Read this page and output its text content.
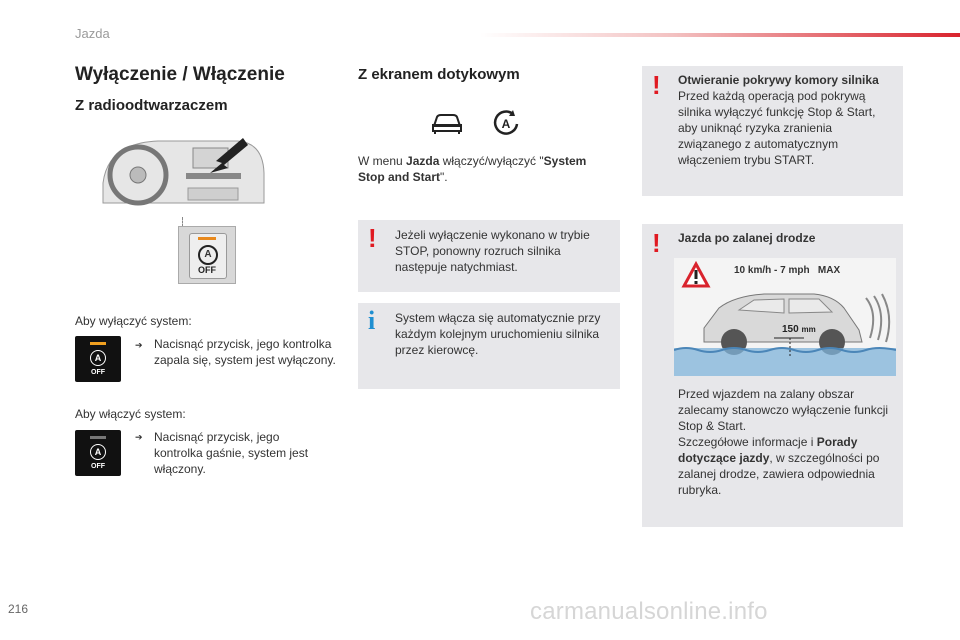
Jazda
Wyłączenie / Włączenie
Z radioodtwarzaczem
A
OFF
Aby wyłączyć system:
A
OFF
➔ Nacisnąć przycisk, jego kontrolka zapala się, system jest wyłączony.
Aby włączyć system:
A
OFF
➔ Nacisnąć przycisk, jego kontrolka gaśnie, system jest włączony.
Z ekranem dotykowym
A
W menu Jazda włączyć/wyłączyć "System Stop and Start".
! Jeżeli wyłączenie wykonano w trybie STOP, ponowny rozruch silnika następuje natychmiast.
i System włącza się automatycznie przy każdym kolejnym uruchomieniu silnika przez kierowcę.
! Otwieranie pokrywy komory silnika
Przed każdą operacją pod pokrywą silnika wyłączyć funkcję Stop & Start, aby uniknąć ryzyka zranienia związanego z automatycznym włączeniem trybu START.
! Jazda po zalanej drodze
10 km/h - 7 mph MAX
150 mm
Przed wjazdem na zalany obszar zalecamy stanowczo wyłączenie funkcji Stop & Start.
Szczegółowe informacje i Porady dotyczące jazdy, w szczególności po zalanej drodze, zawiera odpowiednia rubryka.
216	carmanualsonline.info
